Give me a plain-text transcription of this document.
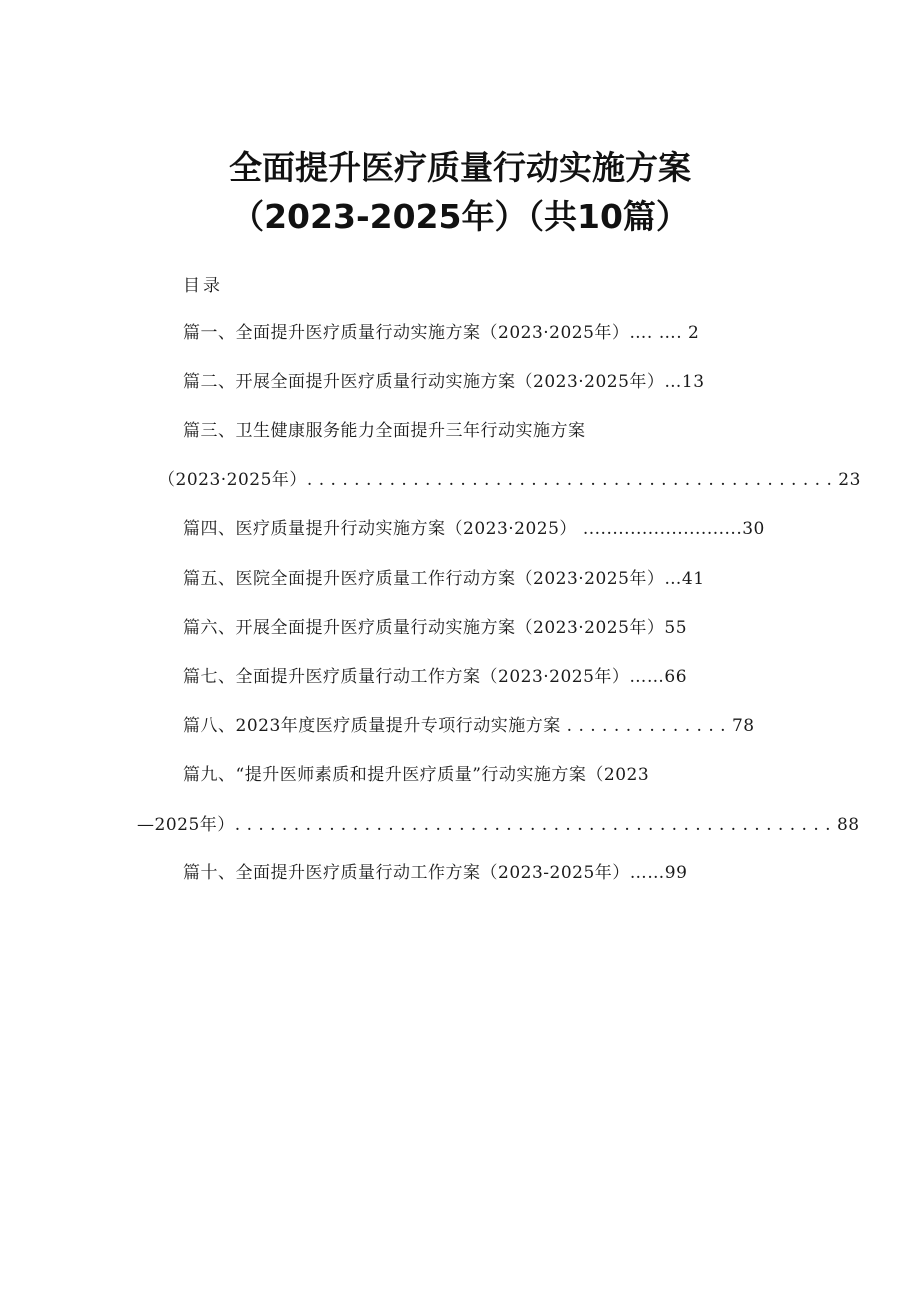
全面提升医疗质量行动实施方案
（2023-2025年）（共10篇）
目录
篇一、全面提升医疗质量行动实施方案（2023·2025年）…. …. 2
篇二、开展全面提升医疗质量行动实施方案（2023·2025年）…13
篇三、卫生健康服务能力全面提升三年行动实施方案
（2023·2025年）. . . . . . . . . . . . . . . . . . . . . . . . . . . . . . . . . . . . . . . . . . . . . 23
篇四、医疗质量提升行动实施方案（2023·2025） ...........................30
篇五、医院全面提升医疗质量工作行动方案（2023·2025年）…41
篇六、开展全面提升医疗质量行动实施方案（2023·2025年）55
篇七、全面提升医疗质量行动工作方案（2023·2025年）……66
篇八、2023年度医疗质量提升专项行动实施方案 . . . . . . . . . . . . . . 78
篇九、“提升医师素质和提升医疗质量”行动实施方案（2023
—2025年）. . . . . . . . . . . . . . . . . . . . . . . . . . . . . . . . . . . . . . . . . . . . . . . . . . . 88
篇十、全面提升医疗质量行动工作方案（2023-2025年）……99
